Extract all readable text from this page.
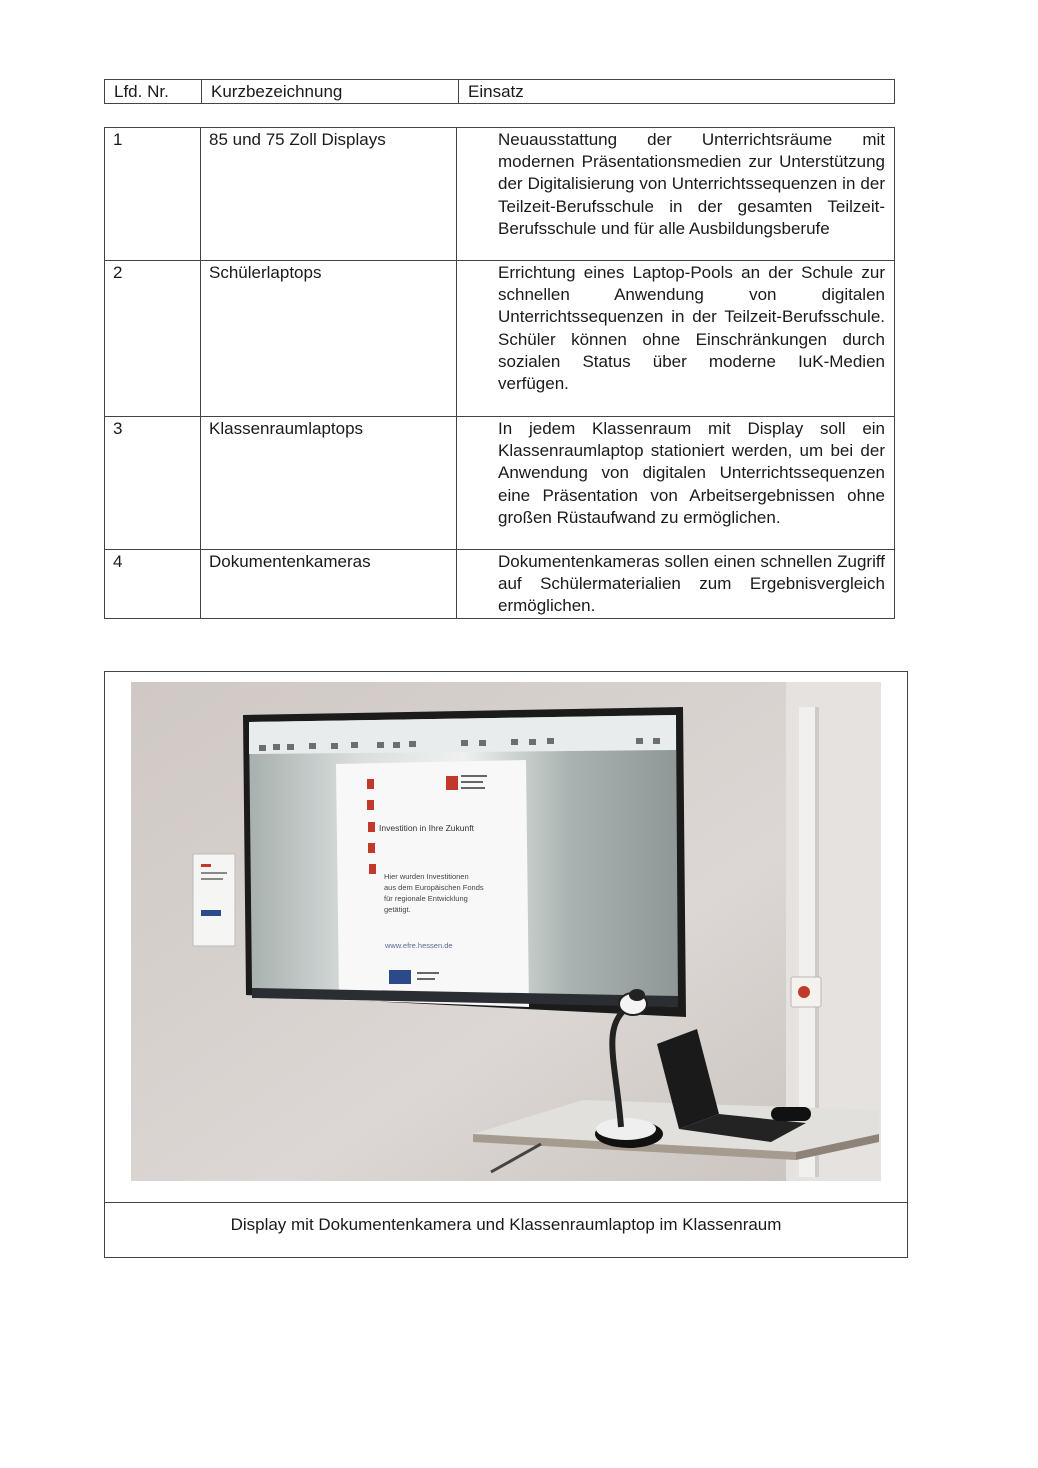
Lfd. Nr.	Kurzbezeichnung	Einsatz
1	85 und 75 Zoll Displays	Neuausstattung der Unterrichtsräume mit modernen Präsentationsmedien zur Unterstützung der Digitalisierung von Unterrichtssequenzen in der Teilzeit-Berufsschule in der gesamten Teilzeit-Berufsschule und für alle Ausbildungsberufe
2	Schülerlaptops	Errichtung eines Laptop-Pools an der Schule zur schnellen Anwendung von digitalen Unterrichtssequenzen in der Teilzeit-Berufsschule. Schüler können ohne Einschränkungen durch sozialen Status über moderne IuK-Medien verfügen.
3	Klassenraumlaptops	In jedem Klassenraum mit Display soll ein Klassenraumlaptop stationiert werden, um bei der Anwendung von digitalen Unterrichtssequenzen eine Präsentation von Arbeitsergebnissen ohne großen Rüstaufwand zu ermöglichen.
4	Dokumentenkameras	Dokumentenkameras sollen einen schnellen Zugriff auf Schülermaterialien zum Ergebnisvergleich ermöglichen.
Investition in Ihre Zukunft
Hier wurden Investitionen
aus dem Europäischen Fonds
für regionale Entwicklung
getätigt.
www.efre.hessen.de
Display mit Dokumentenkamera und Klassenraumlaptop im Klassenraum
